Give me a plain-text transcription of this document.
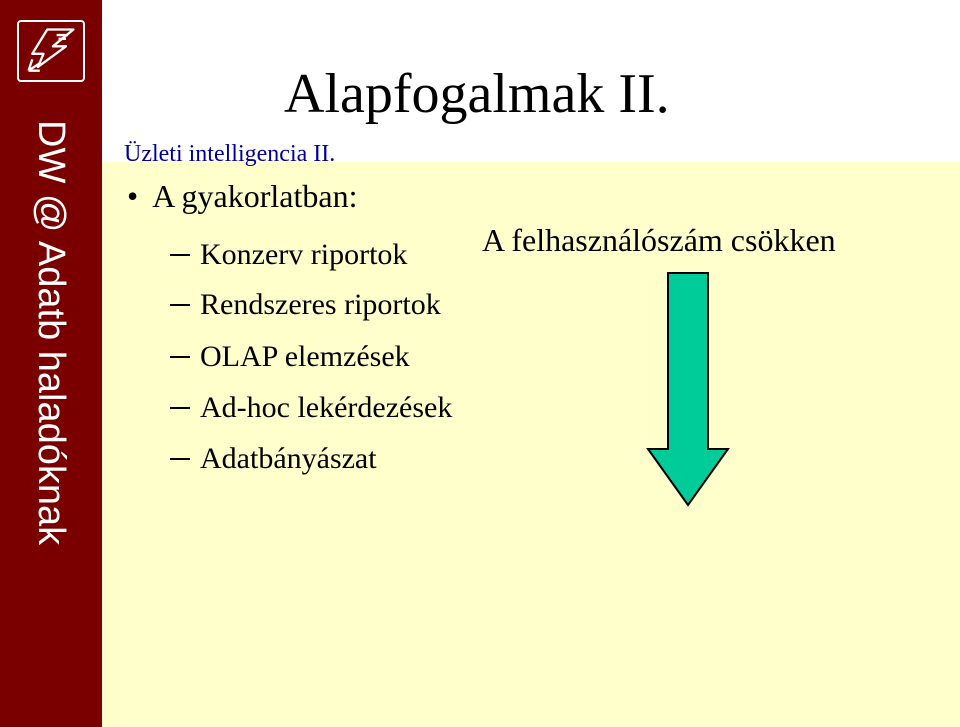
DW @ Adatb haladóknak
Alapfogalmak II.
Üzleti intelligencia II.
• A gyakorlatban:
Konzerv riportok
Rendszeres riportok
OLAP elemzések
Ad-hoc lekérdezések
Adatbányászat
A felhasználószám csökken
